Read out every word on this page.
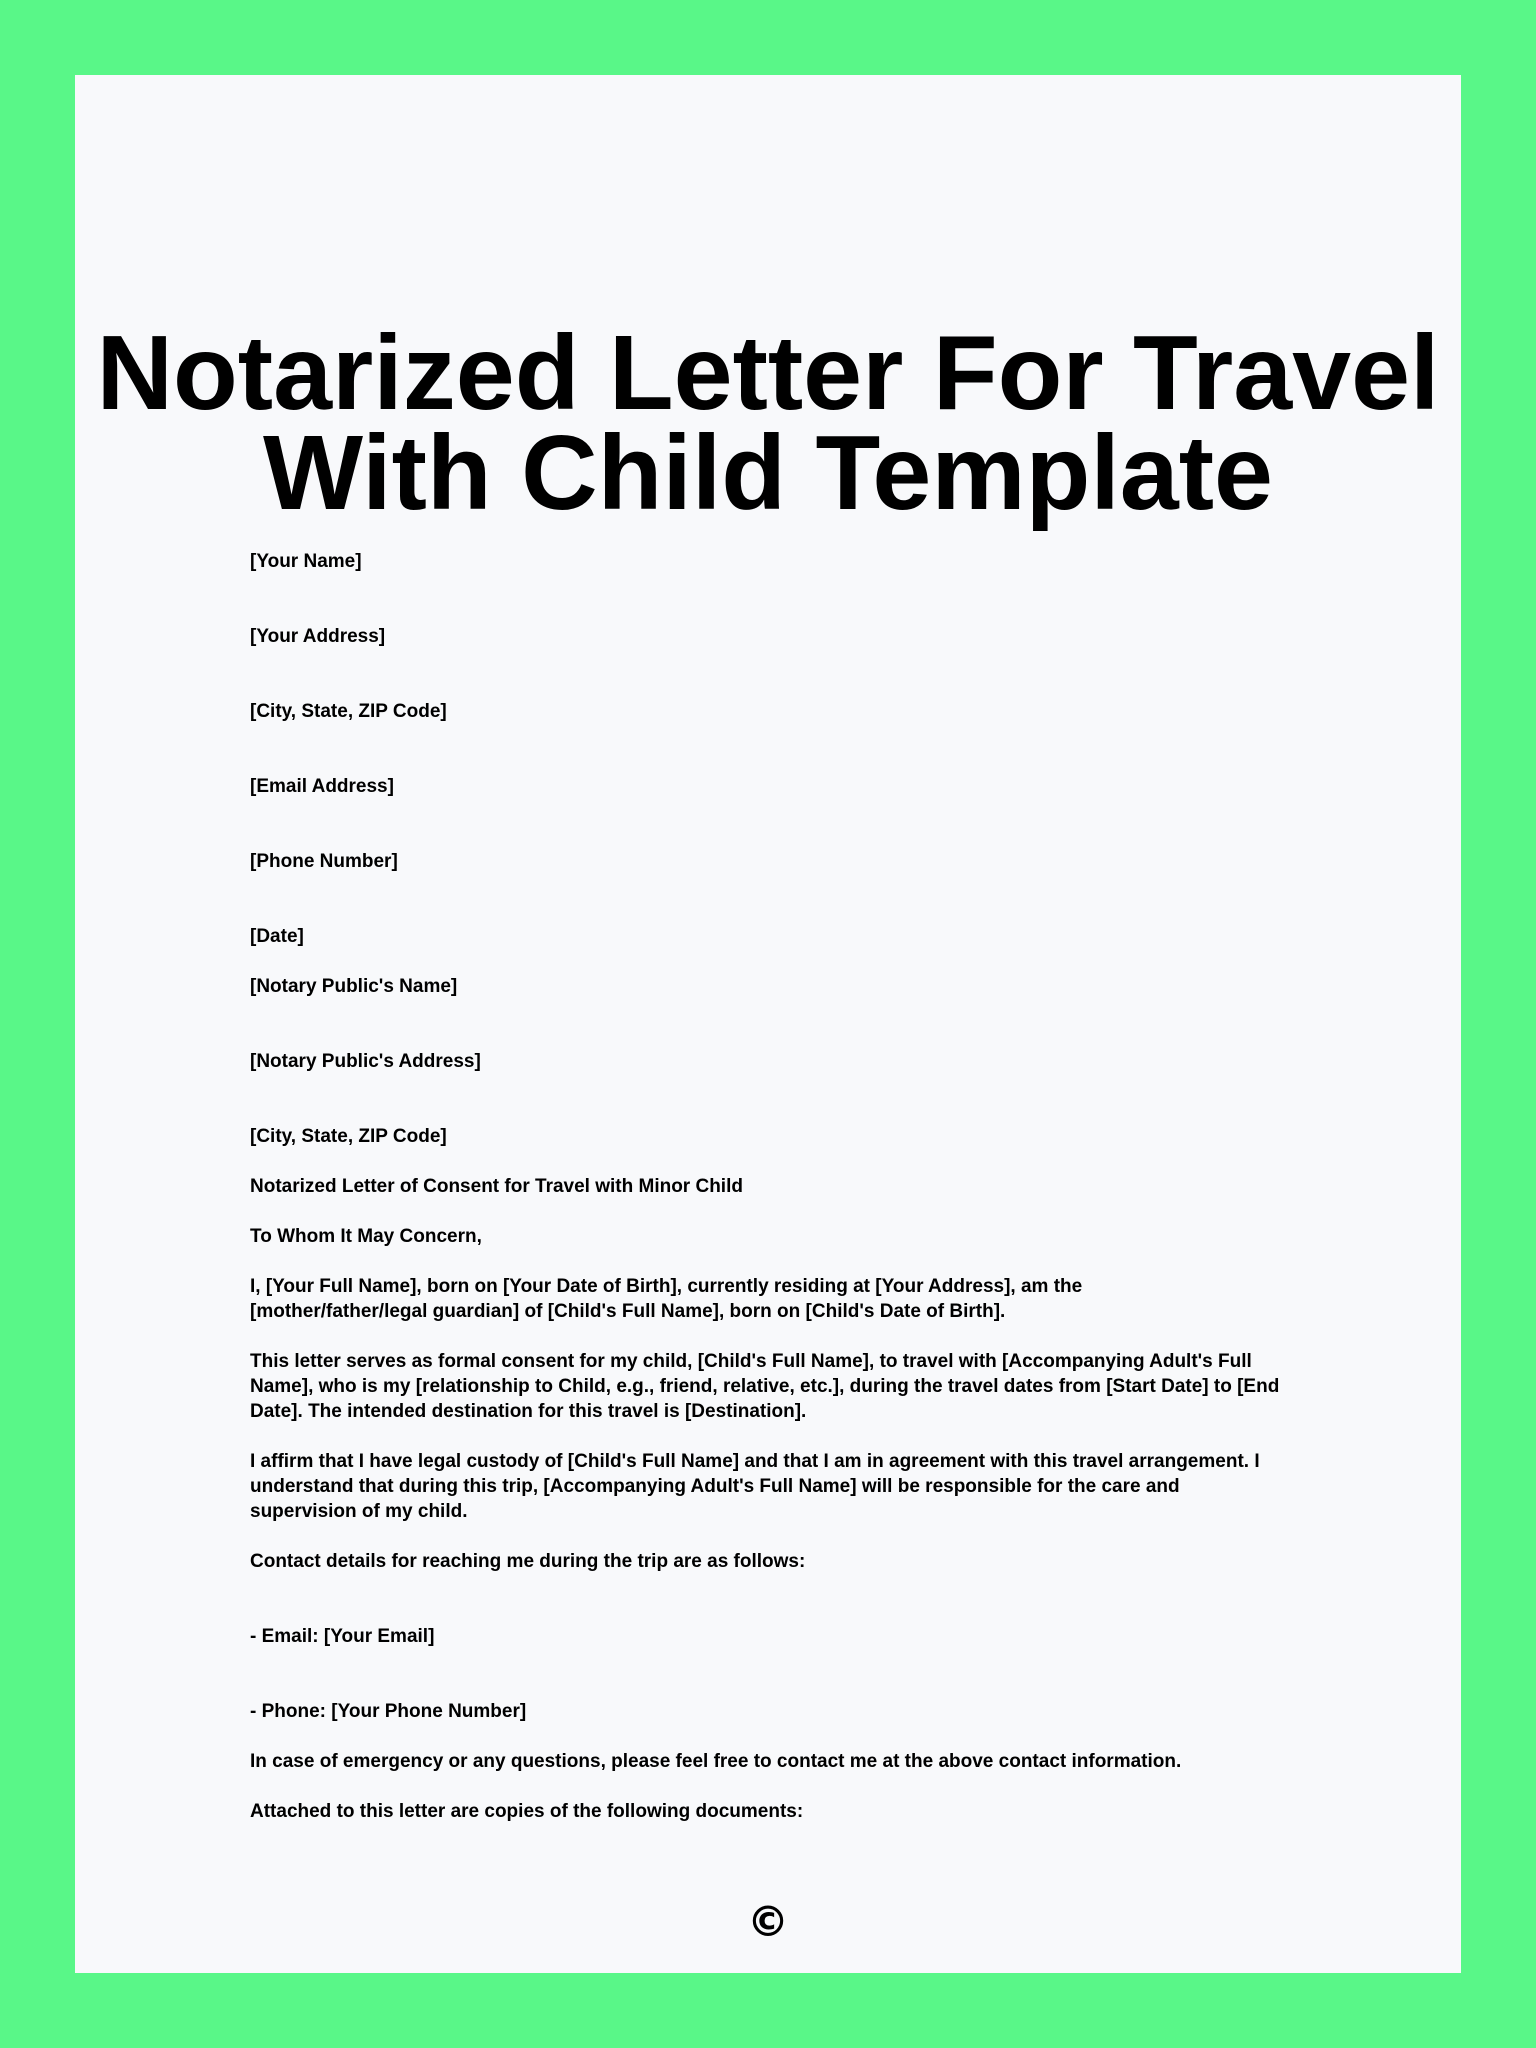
Notarized Letter For Travel
With Child Template

[Your Name]

[Your Address]

[City, State, ZIP Code]

[Email Address]

[Phone Number]

[Date]

[Notary Public's Name]

[Notary Public's Address]

[City, State, ZIP Code]

Notarized Letter of Consent for Travel with Minor Child

To Whom It May Concern,

I, [Your Full Name], born on [Your Date of Birth], currently residing at [Your Address], am the [mother/father/legal guardian] of [Child's Full Name], born on [Child's Date of Birth].

This letter serves as formal consent for my child, [Child's Full Name], to travel with [Accompanying Adult's Full Name], who is my [relationship to Child, e.g., friend, relative, etc.], during the travel dates from [Start Date] to [End Date]. The intended destination for this travel is [Destination].

I affirm that I have legal custody of [Child's Full Name] and that I am in agreement with this travel arrangement. I understand that during this trip, [Accompanying Adult's Full Name] will be responsible for the care and supervision of my child.

Contact details for reaching me during the trip are as follows:

- Email: [Your Email]

- Phone: [Your Phone Number]

In case of emergency or any questions, please feel free to contact me at the above contact information.

Attached to this letter are copies of the following documents:

©
